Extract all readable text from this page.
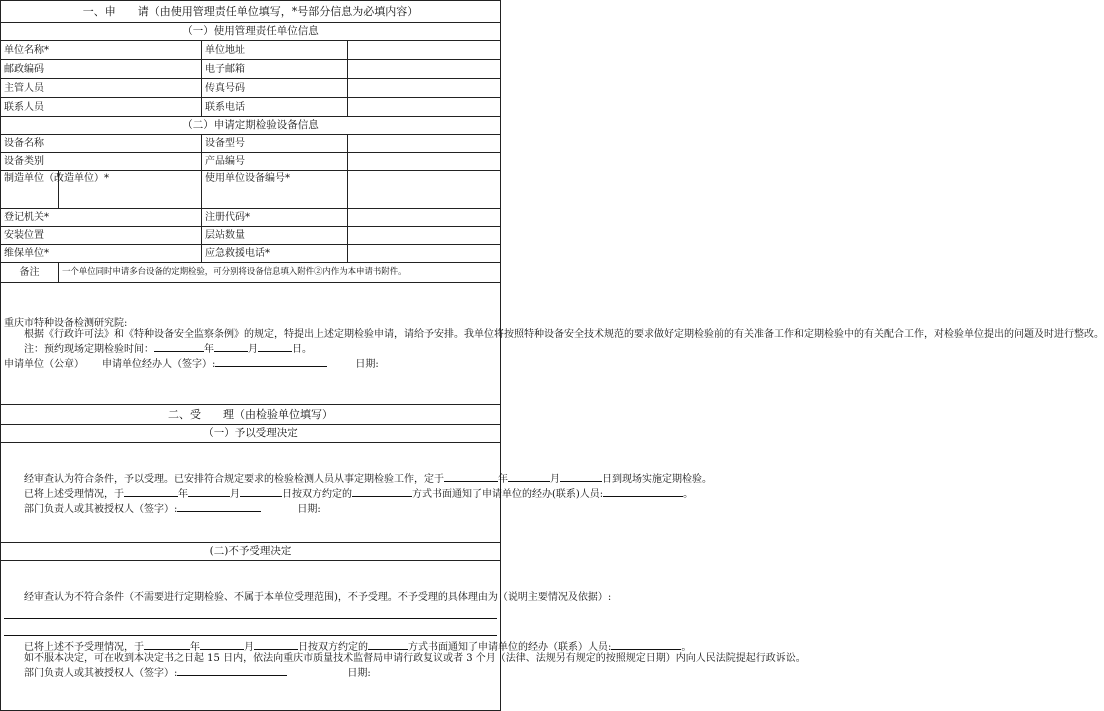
一、申　　请（由使用管理责任单位填写，*号部分信息为必填内容）			
（一）使用管理责任单位信息			
单位名称*		单位地址	
邮政编码		电子邮箱	
主管人员		传真号码	
联系人员		联系电话	
（二）申请定期检验设备信息			
设备名称		设备型号	
设备类别		产品编号	
制造单位（改造单位）*		使用单位设备编号*	
登记机关*		注册代码*	
安装位置		层站数量	
维保单位*		应急救援电话*	
备注	一个单位同时申请多台设备的定期检验，可分别将设备信息填入附件②内作为本申请书附件。		

重庆市特种设备检测研究院:

根据《行政许可法》和《特种设备安全监察条例》的规定，特提出上述定期检验申请，请给予安排。我单位将按照特种设备安全技术规范的要求做好定期检验前的有关准备工作和定期检验中的有关配合工作，对检验单位提出的问题及时进行整改。

注：预约现场定期检验时间： 年 月 日。

申请单位（公章） 申请单位经办人（签字）: 日期:			

二、受　　理（由检验单位填写）			
（一）予以受理决定			

经审查认为符合条件，予以受理。已安排符合规定要求的检验检测人员从事定期检验工作，定于 年 月 日到现场实施定期检验。

已将上述受理情况，于 年 月 日按双方约定的 方式书面通知了申请单位的经办(联系)人员: 。

部门负责人或其被授权人（签字）: 日期:			

(二)不予受理决定			

经审查认为不符合条件（不需要进行定期检验、不属于本单位受理范围)，不予受理。不予受理的具体理由为（说明主要情况及依据）:

已将上述不予受理情况，于 年 月 日按双方约定的 方式书面通知了申请单位的经办（联系）人员: 。

如不服本决定，可在收到本决定书之日起 15 日内，依法向重庆市质量技术监督局申请行政复议或者 3 个月（法律、法规另有规定的按照规定日期）内向人民法院提起行政诉讼。

部门负责人或其被授权人（签字）: 日期:			
